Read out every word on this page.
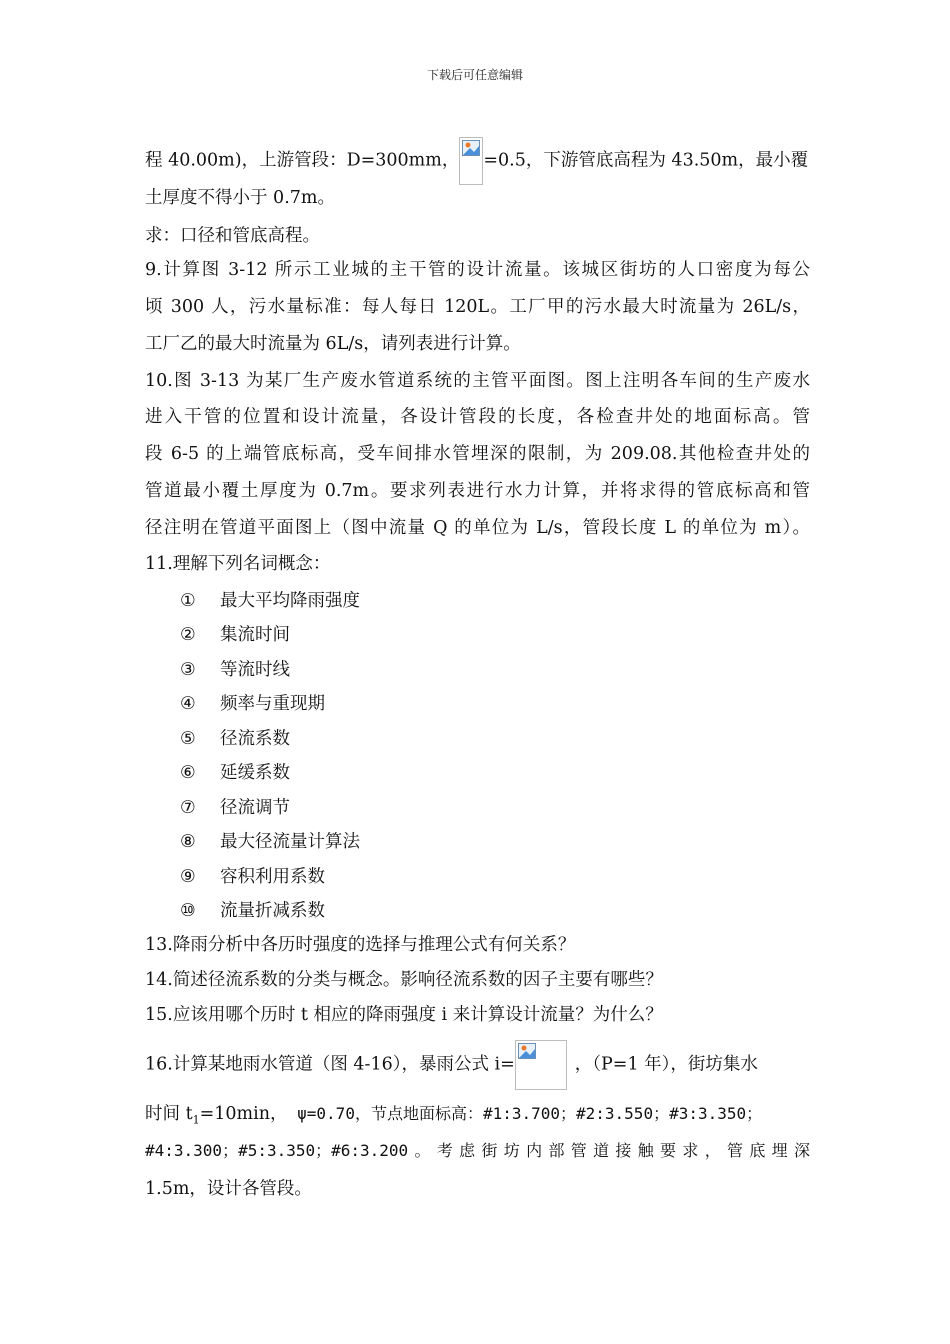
下载后可任意编辑
程 40.00m)，上游管段：D=300mm， =0.5，下游管底高程为 43.50m，最小覆
土厚度不得小于 0.7m。
求：口径和管底高程。
9.计算图 3-12 所示工业城的主干管的设计流量。该城区街坊的人口密度为每公
顷 300 人，污水量标准：每人每日 120L。工厂甲的污水最大时流量为 26L/s，
工厂乙的最大时流量为 6L/s，请列表进行计算。
10.图 3-13 为某厂生产废水管道系统的主管平面图。图上注明各车间的生产废水
进入干管的位置和设计流量，各设计管段的长度，各检查井处的地面标高。管
段 6-5 的上端管底标高，受车间排水管埋深的限制，为 209.08.其他检查井处的
管道最小覆土厚度为 0.7m。要求列表进行水力计算，并将求得的管底标高和管
径注明在管道平面图上（图中流量 Q 的单位为 L/s，管段长度 L 的单位为 m）。
11.理解下列名词概念：
① 最大平均降雨强度
② 集流时间
③ 等流时线
④ 频率与重现期
⑤ 径流系数
⑥ 延缓系数
⑦ 径流调节
⑧ 最大径流量计算法
⑨ 容积利用系数
⑩ 流量折减系数
13.降雨分析中各历时强度的选择与推理公式有何关系？
14.简述径流系数的分类与概念。影响径流系数的因子主要有哪些？
15.应该用哪个历时 t 相应的降雨强度 i 来计算设计流量？为什么？
16.计算某地雨水管道（图 4-16），暴雨公式 i=	，（P=1 年），街坊集水
时间 $t_1=10\min$， ψ=0.70，节点地面标高：#1:3.700；#2:3.550；#3:3.350；
#4:3.300；#5:3.350；#6:3.200。考虑街坊内部管道接触要求，管底埋深
1.5m，设计各管段。
